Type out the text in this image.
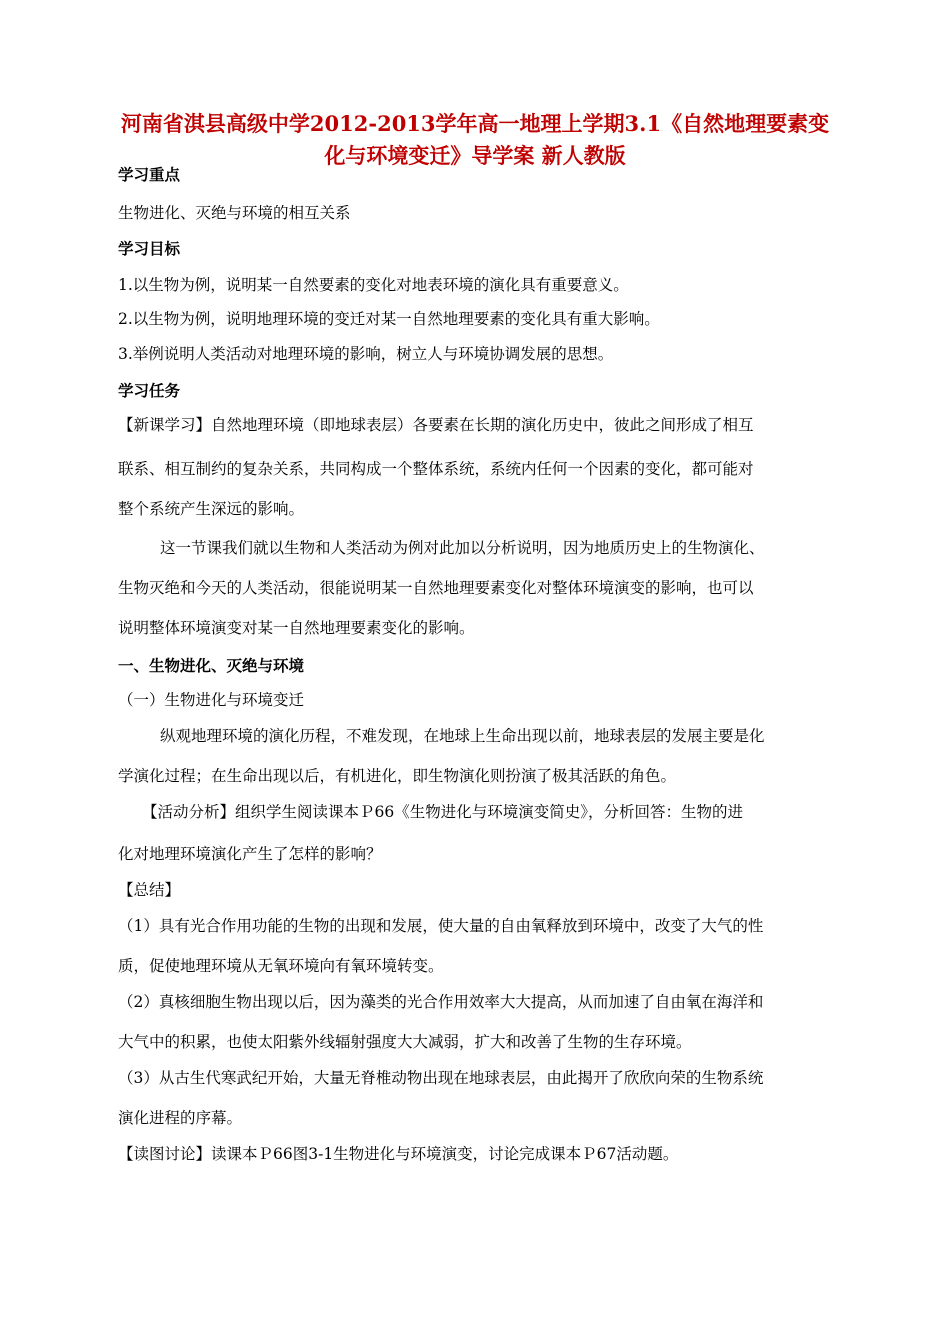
河南省淇县高级中学2012-2013学年高一地理上学期3.1《自然地理要素变化与环境变迁》导学案 新人教版
学习重点
生物进化、灭绝与环境的相互关系
学习目标
1.以生物为例，说明某一自然要素的变化对地表环境的演化具有重要意义。
2.以生物为例，说明地理环境的变迁对某一自然地理要素的变化具有重大影响。
3.举例说明人类活动对地理环境的影响，树立人与环境协调发展的思想。
学习任务
【新课学习】自然地理环境（即地球表层）各要素在长期的演化历史中，彼此之间形成了相互
联系、相互制约的复杂关系，共同构成一个整体系统，系统内任何一个因素的变化，都可能对
整个系统产生深远的影响。
这一节课我们就以生物和人类活动为例对此加以分析说明，因为地质历史上的生物演化、
生物灭绝和今天的人类活动，很能说明某一自然地理要素变化对整体环境演变的影响，也可以
说明整体环境演变对某一自然地理要素变化的影响。
一、生物进化、灭绝与环境
（一）生物进化与环境变迁
纵观地理环境的演化历程，不难发现，在地球上生命出现以前，地球表层的发展主要是化
学演化过程；在生命出现以后，有机进化，即生物演化则扮演了极其活跃的角色。
【活动分析】组织学生阅读课本Ｐ66《生物进化与环境演变简史》，分析回答：生物的进
化对地理环境演化产生了怎样的影响？
【总结】
（1）具有光合作用功能的生物的出现和发展，使大量的自由氧释放到环境中，改变了大气的性
质，促使地理环境从无氧环境向有氧环境转变。
（2）真核细胞生物出现以后，因为藻类的光合作用效率大大提高，从而加速了自由氧在海洋和
大气中的积累，也使太阳紫外线辐射强度大大减弱，扩大和改善了生物的生存环境。
（3）从古生代寒武纪开始，大量无脊椎动物出现在地球表层，由此揭开了欣欣向荣的生物系统
演化进程的序幕。
【读图讨论】读课本Ｐ66图3-1生物进化与环境演变，讨论完成课本Ｐ67活动题。
